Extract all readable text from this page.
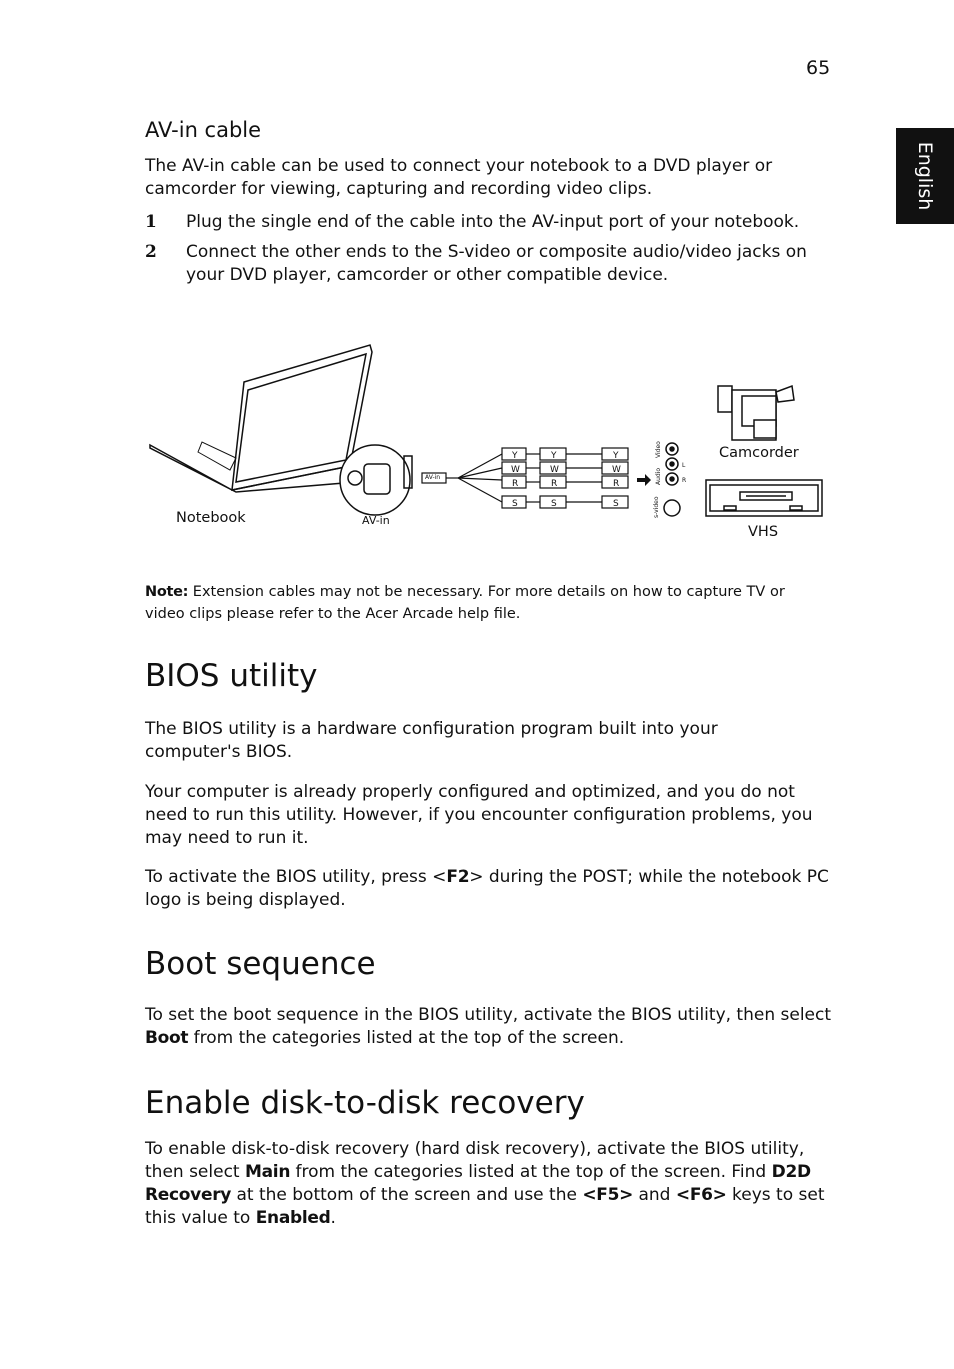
65
English
AV-in cable
The AV-in cable can be used to connect your notebook to a DVD player or camcorder for viewing, capturing and recording video clips.
1 Plug the single end of the cable into the AV-input port of your notebook.
2 Connect the other ends to the S-video or composite audio/video jacks on your DVD player, camcorder or other compatible device.
Y
W
R
S
Y
W
R
S
Y
W
R
S
Audio
Video
L
R
s-video
Notebook	AV-in
AV-in
Camcorder
VHS
Note: Extension cables may not be necessary. For more details on how to capture TV or video clips please refer to the Acer Arcade help file.
BIOS utility
The BIOS utility is a hardware configuration program built into your computer's BIOS.
Your computer is already properly configured and optimized, and you do not need to run this utility. However, if you encounter configuration problems, you may need to run it.
To activate the BIOS utility, press <F2> during the POST; while the notebook PC logo is being displayed.
Boot sequence
To set the boot sequence in the BIOS utility, activate the BIOS utility, then select Boot from the categories listed at the top of the screen.
Enable disk-to-disk recovery
To enable disk-to-disk recovery (hard disk recovery), activate the BIOS utility, then select Main from the categories listed at the top of the screen. Find D2D Recovery at the bottom of the screen and use the <F5> and <F6> keys to set this value to Enabled.
